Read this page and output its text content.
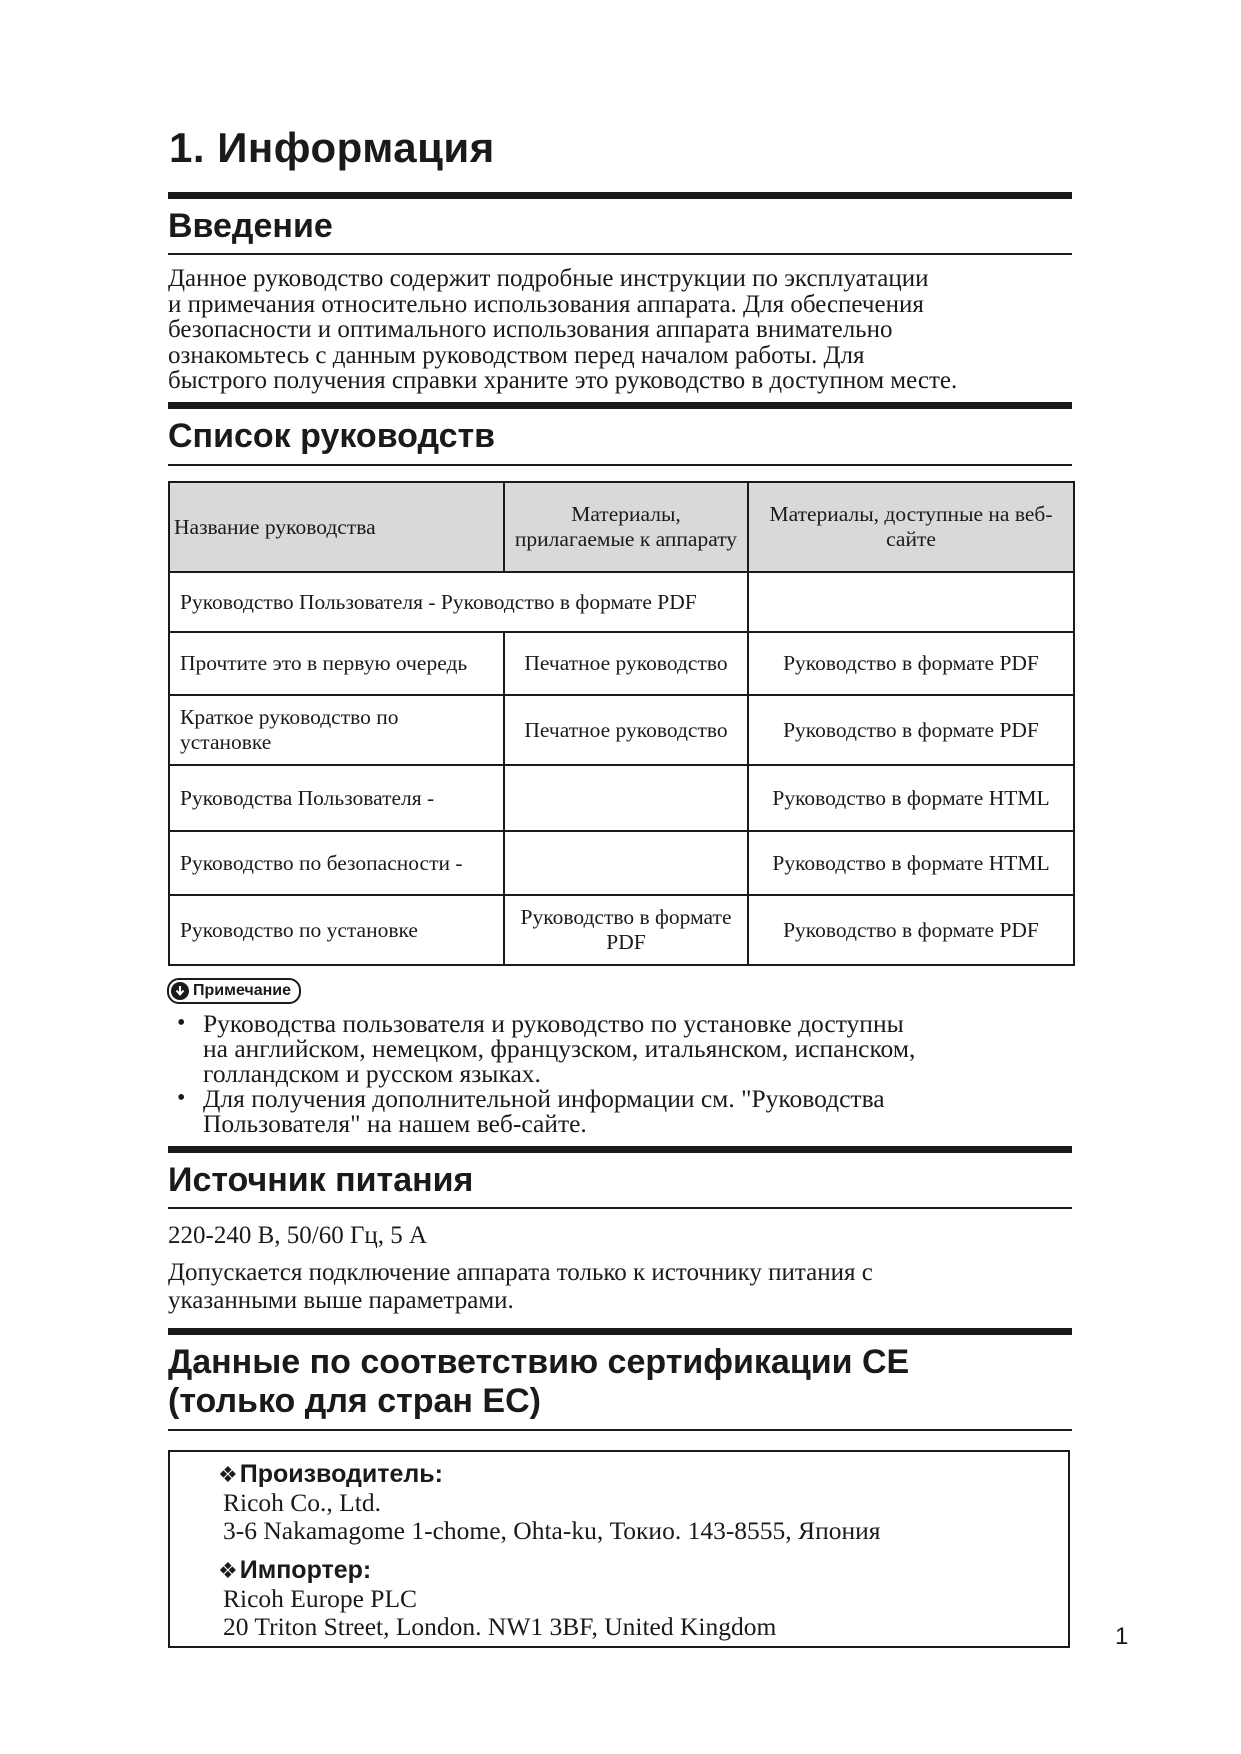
1. Информация
Введение
Данное руководство содержит подробные инструкции по эксплуатации
и примечания относительно использования аппарата. Для обеспечения
безопасности и оптимального использования аппарата внимательно
ознакомьтесь с данным руководством перед началом работы. Для
быстрого получения справки храните это руководство в доступном месте.
Список руководств
Название руководства	Материалы, прилагаемые к аппарату	Материалы, доступные на веб-сайте
Руководство Пользователя - Руководство в формате PDF		
Прочтите это в первую очередь	Печатное руководство	Руководство в формате PDF
Краткое руководство по установке	Печатное руководство	Руководство в формате PDF
Руководства Пользователя -		Руководство в формате HTML
Руководство по безопасности -		Руководство в формате HTML
Руководство по установке	Руководство в формате PDF	Руководство в формате PDF
Примечание
• Руководства пользователя и руководство по установке доступны
на английском, немецком, французском, итальянском, испанском,
голландском и русском языках.
• Для получения дополнительной информации см. "Руководства
Пользователя" на нашем веб-сайте.
Источник питания

220-240 В, 50/60 Гц, 5 А

Допускается подключение аппарата только к источнику питания с
указанными выше параметрами.
Данные по соответствию сертификации CE
(только для стран ЕС)

❖Производитель:

Ricoh Co., Ltd.

3-6 Nakamagome 1-chome, Ohta-ku, Токио. 143-8555, Япония

❖Импортер:

Ricoh Europe PLC

20 Triton Street, London. NW1 3BF, United Kingdom	1
